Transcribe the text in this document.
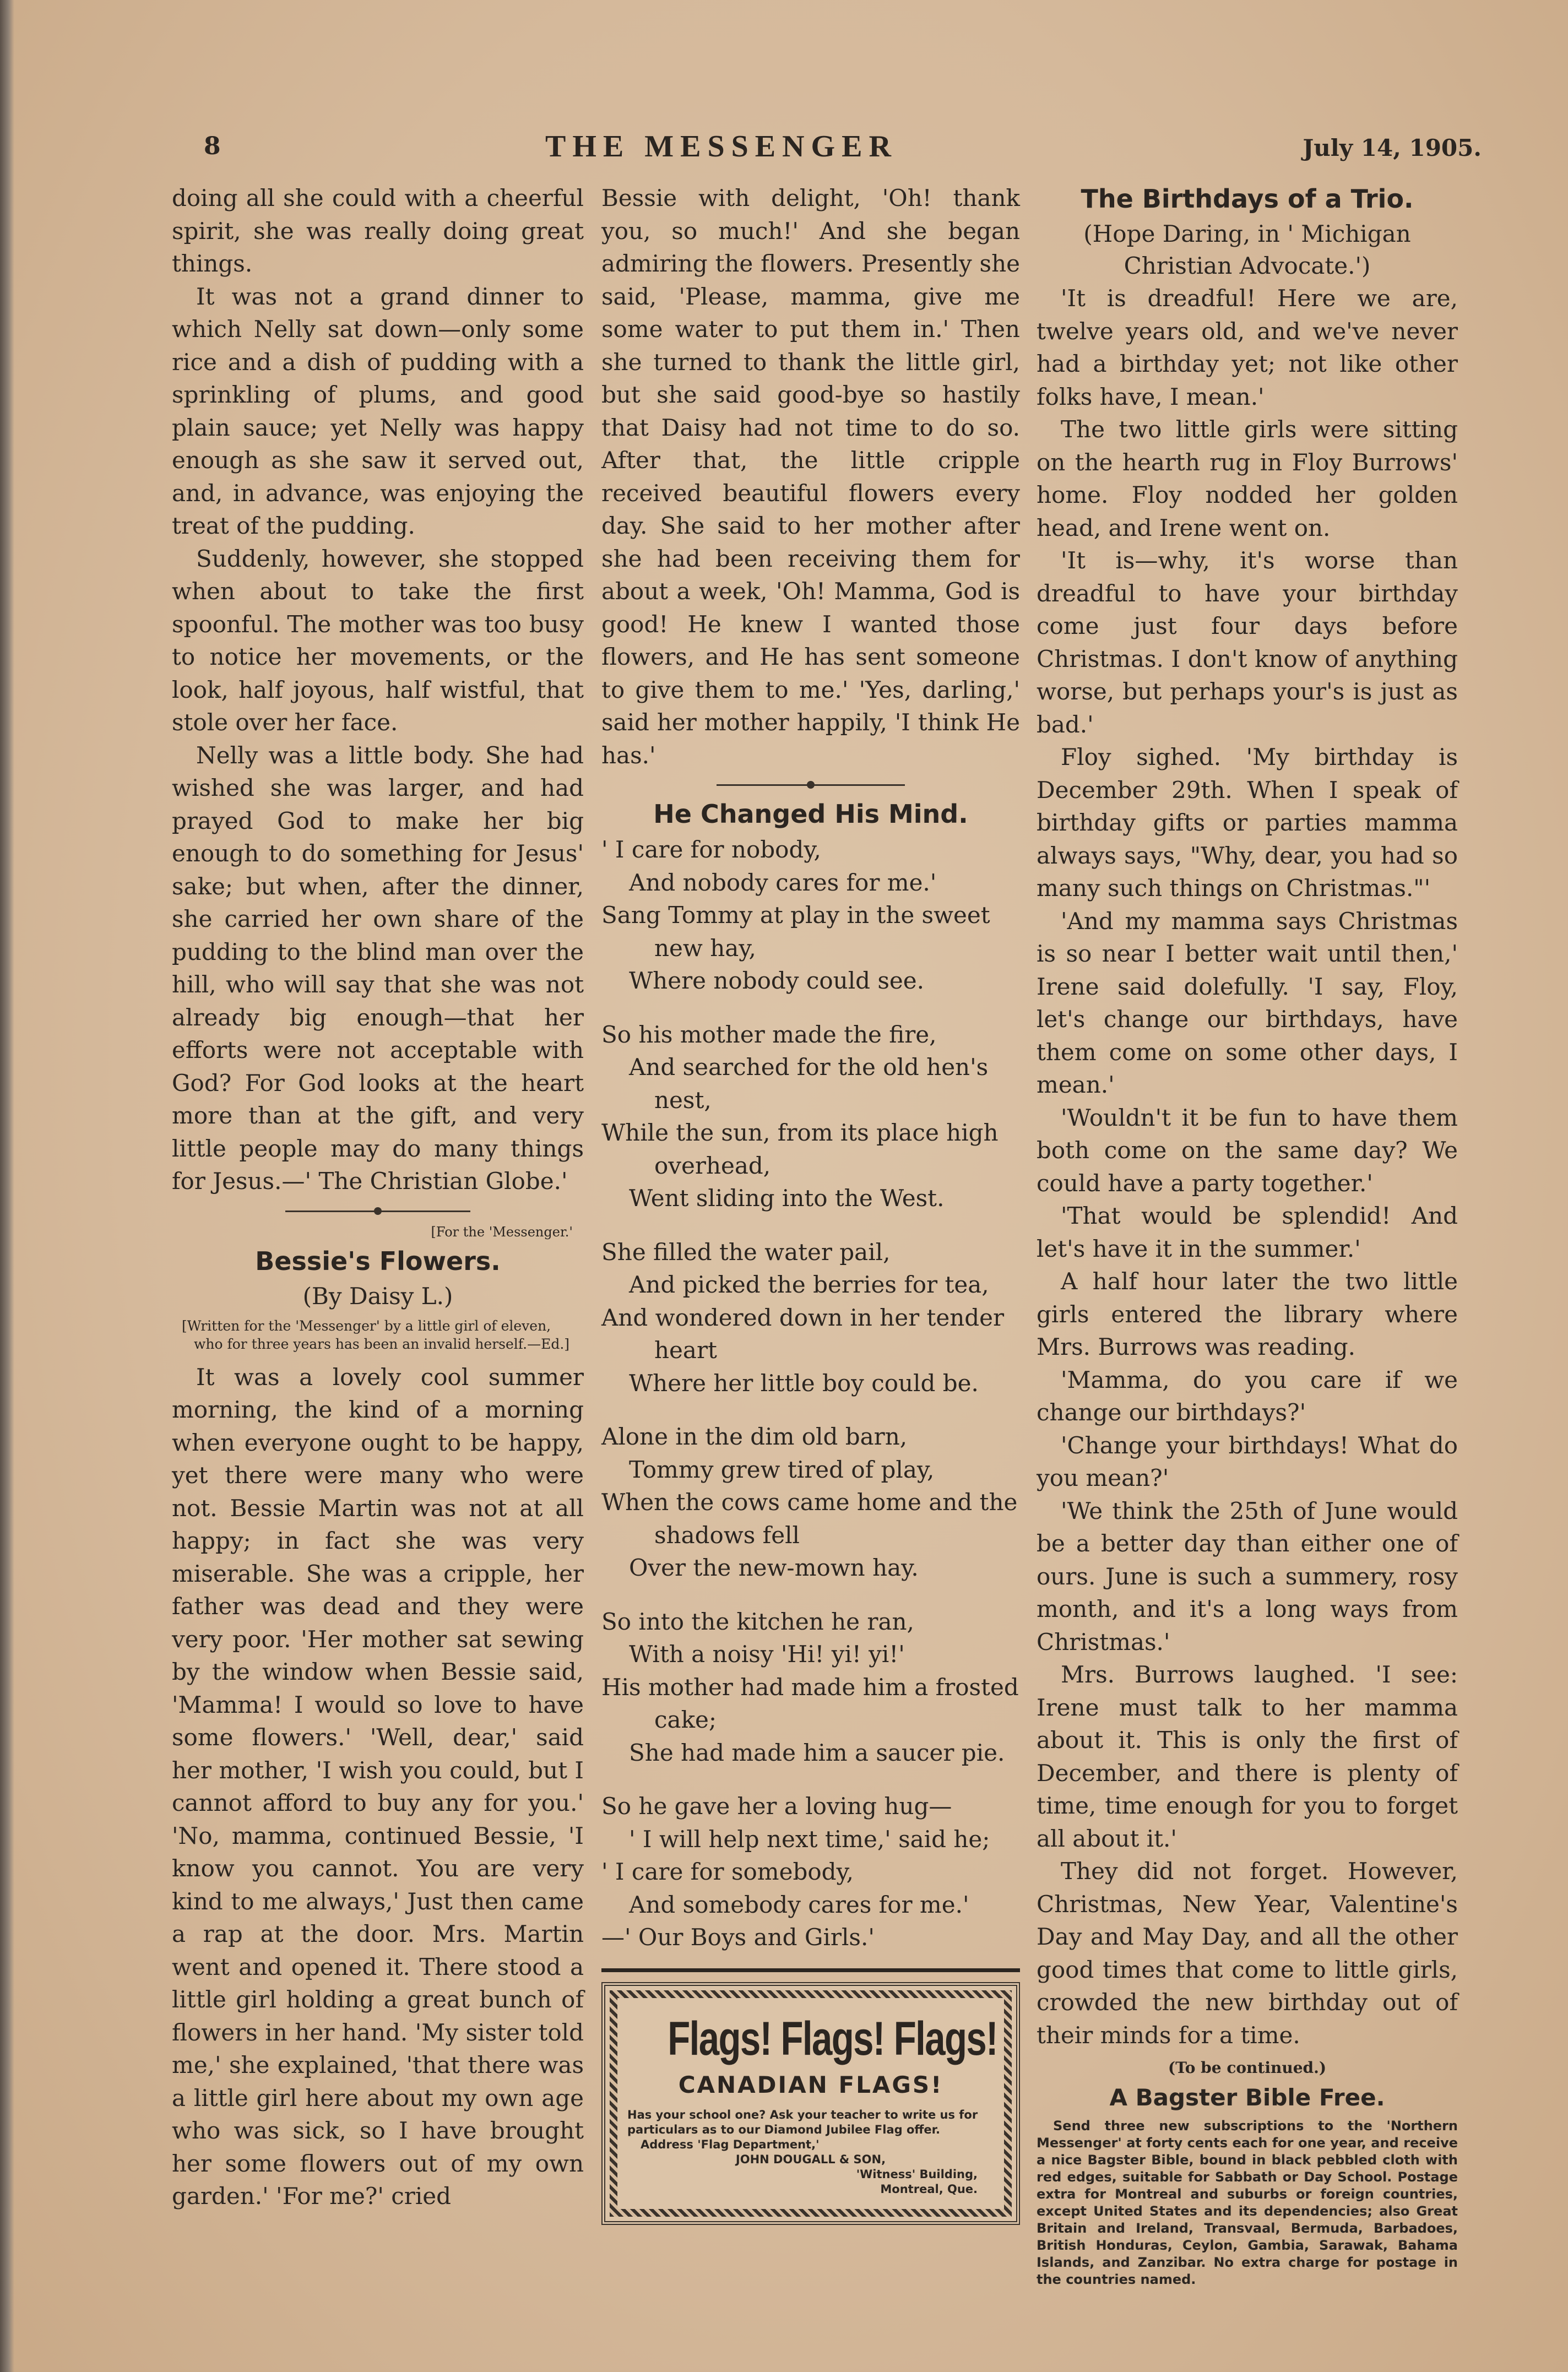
8	THE MESSENGER	July 14, 1905.

doing all she could with a cheerful spirit, she was really doing great things.

It was not a grand dinner to which Nelly sat down—only some rice and a dish of pudding with a sprinkling of plums, and good plain sauce; yet Nelly was happy enough as she saw it served out, and, in advance, was enjoying the treat of the pudding.

Suddenly, however, she stopped when about to take the first spoonful. The mother was too busy to notice her movements, or the look, half joyous, half wistful, that stole over her face.

Nelly was a little body. She had wished she was larger, and had prayed God to make her big enough to do something for Jesus' sake; but when, after the dinner, she carried her own share of the pudding to the blind man over the hill, who will say that she was not already big enough—that her efforts were not acceptable with God? For God looks at the heart more than at the gift, and very little people may do many things for Jesus.—' The Christian Globe.'

[For the 'Messenger.'
Bessie's Flowers.
(By Daisy L.)
[Written for the 'Messenger' by a little girl of eleven, who for three years has been an invalid herself.—Ed.]

It was a lovely cool summer morning, the kind of a morning when everyone ought to be happy, yet there were many who were not. Bessie Martin was not at all happy; in fact she was very miserable. She was a cripple, her father was dead and they were very poor. 'Her mother sat sewing by the window when Bessie said, 'Mamma! I would so love to have some flowers.' 'Well, dear,' said her mother, 'I wish you could, but I cannot afford to buy any for you.' 'No, mamma, continued Bessie, 'I know you cannot. You are very kind to me always,' Just then came a rap at the door. Mrs. Martin went and opened it. There stood a little girl holding a great bunch of flowers in her hand. 'My sister told me,' she explained, 'that there was a little girl here about my own age who was sick, so I have brought her some flowers out of my own garden.' 'For me?' cried

Bessie with delight, 'Oh! thank you, so much!' And she began admiring the flowers. Presently she said, 'Please, mamma, give me some water to put them in.' Then she turned to thank the little girl, but she said good-bye so hastily that Daisy had not time to do so. After that, the little cripple received beautiful flowers every day. She said to her mother after she had been receiving them for about a week, 'Oh! Mamma, God is good! He knew I wanted those flowers, and He has sent someone to give them to me.' 'Yes, darling,' said her mother happily, 'I think He has.'

He Changed His Mind.

' I care for nobody,

And nobody cares for me.'

Sang Tommy at play in the sweet

new hay,

Where nobody could see.

So his mother made the fire,

And searched for the old hen's

nest,

While the sun, from its place high

overhead,

Went sliding into the West.

She filled the water pail,

And picked the berries for tea,

And wondered down in her tender

heart

Where her little boy could be.

Alone in the dim old barn,

Tommy grew tired of play,

When the cows came home and the

shadows fell

Over the new-mown hay.

So into the kitchen he ran,

With a noisy 'Hi! yi! yi!'

His mother had made him a frosted

cake;

She had made him a saucer pie.

So he gave her a loving hug—

' I will help next time,' said he;

' I care for somebody,

And somebody cares for me.'

—' Our Boys and Girls.'

Flags! Flags! Flags!
CANADIAN FLAGS!
Has your school one? Ask your teacher to write us for particulars as to our Diamond Jubilee Flag offer.
Address 'Flag Department,'
JOHN DOUGALL & SON,
'Witness' Building,
Montreal, Que.
The Birthdays of a Trio.
(Hope Daring, in ' Michigan Christian Advocate.')

'It is dreadful! Here we are, twelve years old, and we've never had a birthday yet; not like other folks have, I mean.'

The two little girls were sitting on the hearth rug in Floy Burrows' home. Floy nodded her golden head, and Irene went on.

'It is—why, it's worse than dreadful to have your birthday come just four days before Christmas. I don't know of anything worse, but perhaps your's is just as bad.'

Floy sighed. 'My birthday is December 29th. When I speak of birthday gifts or parties mamma always says, "Why, dear, you had so many such things on Christmas."'

'And my mamma says Christmas is so near I better wait until then,' Irene said dolefully. 'I say, Floy, let's change our birthdays, have them come on some other days, I mean.'

'Wouldn't it be fun to have them both come on the same day? We could have a party together.'

'That would be splendid! And let's have it in the summer.'

A half hour later the two little girls entered the library where Mrs. Burrows was reading.

'Mamma, do you care if we change our birthdays?'

'Change your birthdays! What do you mean?'

'We think the 25th of June would be a better day than either one of ours. June is such a summery, rosy month, and it's a long ways from Christmas.'

Mrs. Burrows laughed. 'I see: Irene must talk to her mamma about it. This is only the first of December, and there is plenty of time, time enough for you to forget all about it.'

They did not forget. However, Christmas, New Year, Valentine's Day and May Day, and all the other good times that come to little girls, crowded the new birthday out of their minds for a time.

(To be continued.)
A Bagster Bible Free.

Send three new subscriptions to the 'Northern Messenger' at forty cents each for one year, and receive a nice Bagster Bible, bound in black pebbled cloth with red edges, suitable for Sabbath or Day School. Postage extra for Montreal and suburbs or foreign countries, except United States and its dependencies; also Great Britain and Ireland, Transvaal, Bermuda, Barbadoes, British Honduras, Ceylon, Gambia, Sarawak, Bahama Islands, and Zanzibar. No extra charge for postage in the countries named.
